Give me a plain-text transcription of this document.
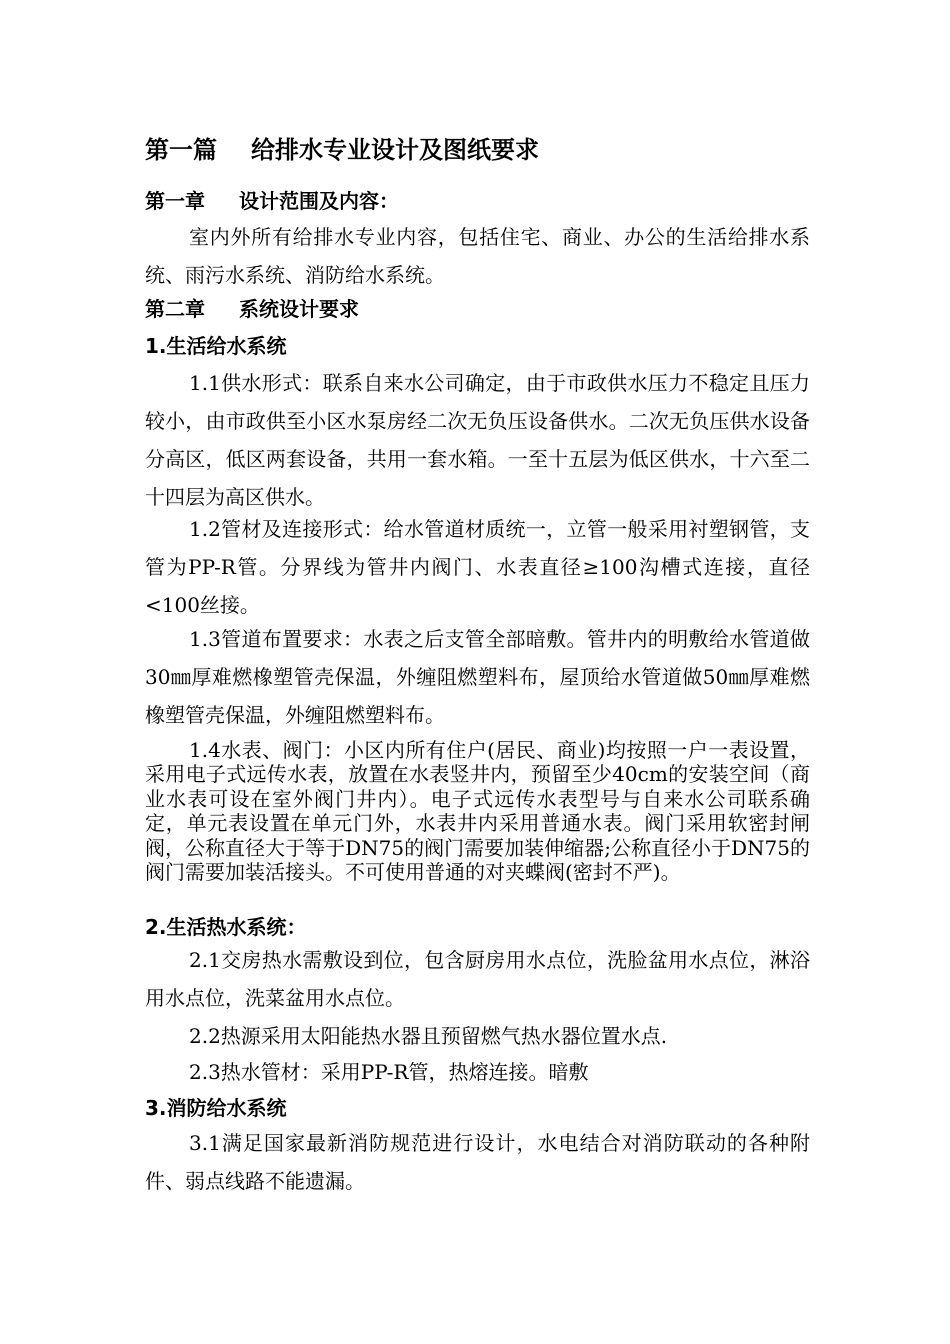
第一篇 给排水专业设计及图纸要求
第一章 设计范围及内容：

室内外所有给排水专业内容，包括住宅、商业、办公的生活给排水系统、雨污水系统、消防给水系统。

第二章 系统设计要求
1.生活给水系统

1.1供水形式：联系自来水公司确定，由于市政供水压力不稳定且压力较小，由市政供至小区水泵房经二次无负压设备供水。二次无负压供水设备分高区，低区两套设备，共用一套水箱。一至十五层为低区供水，十六至二十四层为高区供水。

1.2管材及连接形式：给水管道材质统一，立管一般采用衬塑钢管，支管为PP-R管。分界线为管井内阀门、水表直径≥100沟槽式连接，直径<100丝接。

1.3管道布置要求：水表之后支管全部暗敷。管井内的明敷给水管道做30㎜厚难燃橡塑管壳保温，外缠阻燃塑料布，屋顶给水管道做50㎜厚难燃橡塑管壳保温，外缠阻燃塑料布。

1.4水表、阀门：小区内所有住户(居民、商业)均按照一户一表设置，采用电子式远传水表，放置在水表竖井内，预留至少40cm的安装空间（商业水表可设在室外阀门井内）。电子式远传水表型号与自来水公司联系确定，单元表设置在单元门外，水表井内采用普通水表。阀门采用软密封闸阀，公称直径大于等于DN75的阀门需要加装伸缩器;公称直径小于DN75的阀门需要加装活接头。不可使用普通的对夹蝶阀(密封不严)。

2.生活热水系统：

2.1交房热水需敷设到位，包含厨房用水点位，洗脸盆用水点位，淋浴用水点位，洗菜盆用水点位。

2.2热源采用太阳能热水器且预留燃气热水器位置水点.

2.3热水管材：采用PP-R管，热熔连接。暗敷

3.消防给水系统

3.1满足国家最新消防规范进行设计，水电结合对消防联动的各种附件、弱点线路不能遗漏。
